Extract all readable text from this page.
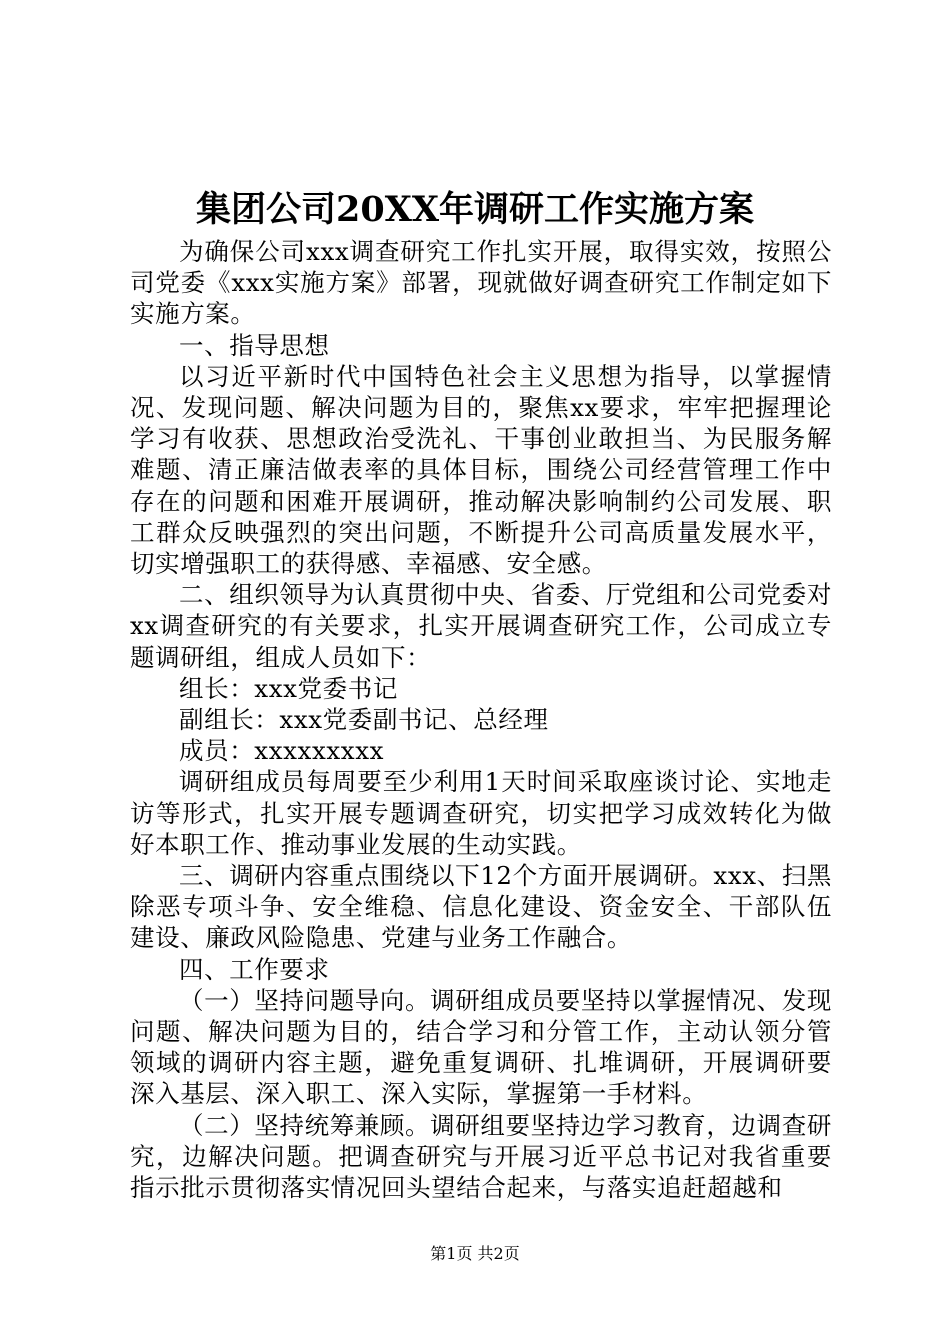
集团公司20XX年调研工作实施方案

为确保公司xxx调查研究工作扎实开展，取得实效，按照公司党委《xxx实施方案》部署，现就做好调查研究工作制定如下实施方案。

一、指导思想

以习近平新时代中国特色社会主义思想为指导，以掌握情况、发现问题、解决问题为目的，聚焦xx要求，牢牢把握理论学习有收获、思想政治受洗礼、干事创业敢担当、为民服务解难题、清正廉洁做表率的具体目标，围绕公司经营管理工作中存在的问题和困难开展调研，推动解决影响制约公司发展、职工群众反映强烈的突出问题，不断提升公司高质量发展水平，切实增强职工的获得感、幸福感、安全感。

二、组织领导为认真贯彻中央、省委、厅党组和公司党委对xx调查研究的有关要求，扎实开展调查研究工作，公司成立专题调研组，组成人员如下：

组长：xxx党委书记

副组长：xxx党委副书记、总经理

成员：xxxxxxxxx

调研组成员每周要至少利用1天时间采取座谈讨论、实地走访等形式，扎实开展专题调查研究，切实把学习成效转化为做好本职工作、推动事业发展的生动实践。

三、调研内容重点围绕以下12个方面开展调研。xxx、扫黑除恶专项斗争、安全维稳、信息化建设、资金安全、干部队伍建设、廉政风险隐患、党建与业务工作融合。

四、工作要求

（一）坚持问题导向。调研组成员要坚持以掌握情况、发现问题、解决问题为目的，结合学习和分管工作，主动认领分管领域的调研内容主题，避免重复调研、扎堆调研，开展调研要深入基层、深入职工、深入实际，掌握第一手材料。

（二）坚持统筹兼顾。调研组要坚持边学习教育，边调查研究，边解决问题。把调查研究与开展习近平总书记对我省重要指示批示贯彻落实情况回头望结合起来，与落实追赶超越和

第1页 共2页
